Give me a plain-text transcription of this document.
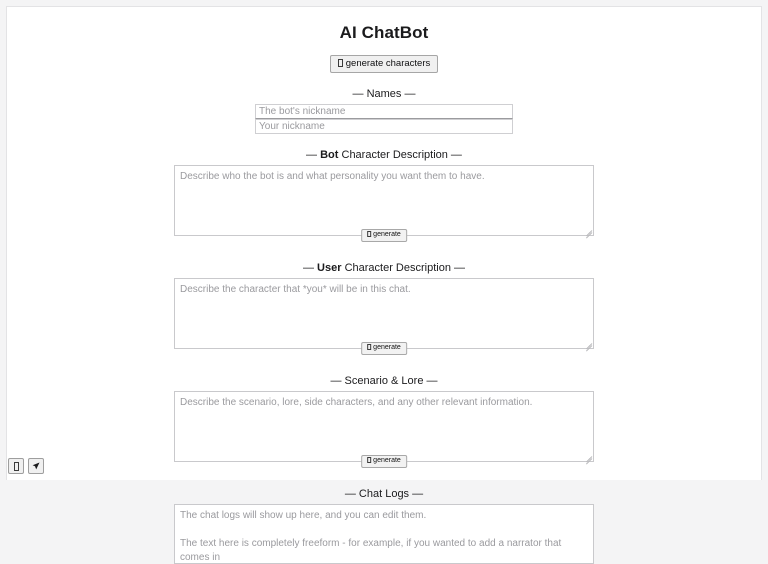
AI ChatBot
generate characters
— Names —
The bot's nickname
Your nickname
— Bot Character Description —
Describe who the bot is and what personality you want them to have.
generate
— User Character Description —
Describe the character that *you* will be in this chat.
generate
— Scenario & Lore —
Describe the scenario, lore, side characters, and any other relevant information.
generate
— Chat Logs —
The chat logs will show up here, and you can edit them. The text here is completely freeform - for example, if you wanted to add a narrator that comes in
